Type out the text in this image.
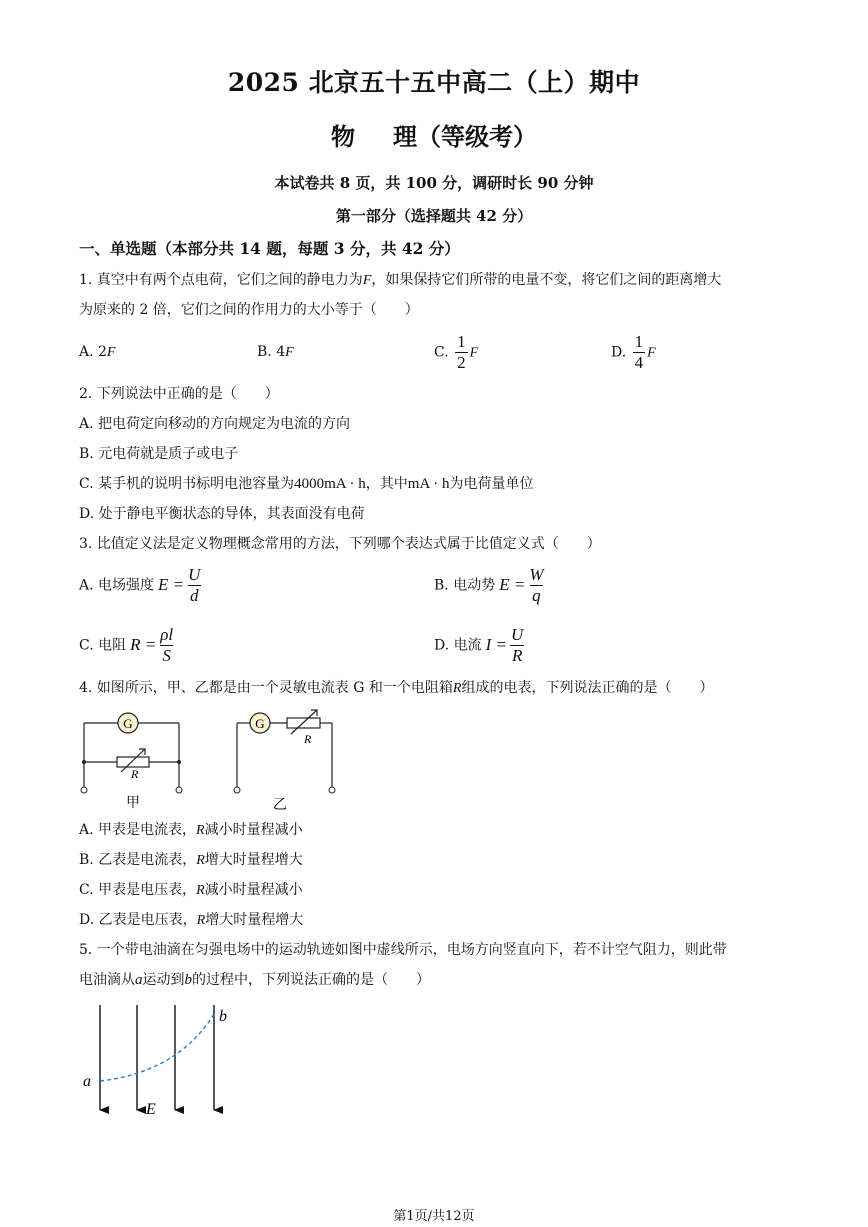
2025 北京五十五中高二（上）期中
物 理（等级考）
本试卷共 8 页，共 100 分，调研时长 90 分钟
第一部分（选择题共 42 分）
一、单选题（本部分共 14 题，每题 3 分，共 42 分）
1. 真空中有两个点电荷，它们之间的静电力为F，如果保持它们所带的电量不变，将它们之间的距离增大
为原来的 2 倍，它们之间的作用力的大小等于（　　）
A. 2F	B. 4F	C. $\frac{1}{2}$ F	D. $\frac{1}{4}$ F
2. 下列说法中正确的是（　　）
A. 把电荷定向移动的方向规定为电流的方向
B. 元电荷就是质子或电子
C. 某手机的说明书标明电池容量为4000mA · h，其中mA · h为电荷量单位
D. 处于静电平衡状态的导体，其表面没有电荷
3. 比值定义法是定义物理概念常用的方法，下列哪个表达式属于比值定义式（　　）
A. 电场强度 $E = \frac{U}{d}$	B. 电动势 $E = \frac{W}{q}$
C. 电阻 $R = \frac{\rho l}{S}$	D. 电流 $I = \frac{U}{R}$
4. 如图所示，甲、乙都是由一个灵敏电流表 G 和一个电阻箱R组成的电表，下列说法正确的是（　　）
G
R
甲
G
R
乙
A. 甲表是电流表，R减小时量程减小
B. 乙表是电流表，R增大时量程增大
C. 甲表是电压表，R减小时量程减小
D. 乙表是电压表，R增大时量程增大
5. 一个带电油滴在匀强电场中的运动轨迹如图中虚线所示，电场方向竖直向下，若不计空气阻力，则此带
电油滴从a运动到b的过程中，下列说法正确的是（　　）
a
b
E
第1页/共12页
